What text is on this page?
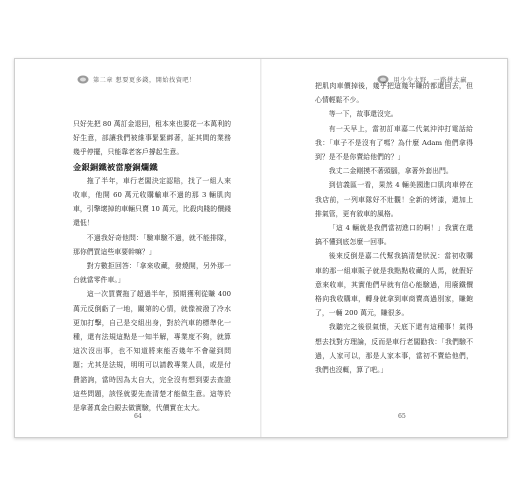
第二章 想要更多錢，開始找資吧！

只好先把 80 萬訂金退回，租本來也要花一本萬利的好生意，部讓我們被維事緊緊綁著，証其間的業務幾乎停擺，只能靠老客戶撐起生意。

金銀銅鐵被當廢銅爛鐵

拖了半年，車行老闆決定認賠，找了一組人來收車，他開 60 萬元收購輸車不過的那 3 輛肌肉車，引擎壞掉的車輛只賣 10 萬元，比殺肉賤的價錢還低！

不過我好奇他問：「驗車驗不過，就不能排隊，那你們買這些車要幹嘛？」

對方數拒回答：「拿來收藏，發燒開，另外那一台就當零件車。」

這一次買賣拖了超過半年，預期獲利從賺 400 萬元反倒虧了一地，關第的心情，就像被潑了冷水更加打擊，自己是交組出身，對於汽車的標準化一種，還有法規這點是一知半解，專業度不夠，就算這次沒出事，也不知道將來能否幾年不會碰到問題；尤其是法規，明明可以請教專業人員，或是付費諮詢，當時因為太自大，完全沒有想到要去查證這些問題，該怪就要先查清楚才能做生意。這等於是拿著真金白銀去做實驗，代價實在太大。

64
用少少太野，一路拼太贏

把肌肉車價掉後，幾乎把這幾年賺的都還回去，但心情輕鬆不少。

等一下，故事還沒完。

有一天早上，當初訂車嘉二代氣沖沖打電話給我：「車子不是沒有了嗎？為什麼 Adam 他們拿得到？是不是你賣給他們的？」

我丈二金剛摸不著頭腦，拿著外套出門。

到信義區一看，果然 4 輛美國進口肌肉車停在我店前，一列車隊好不壯觀！全新的烤漆，還加上排氣管，更有敘車的風格。

「這 4 輛就是我們當初進口的啊！」我實在還搞不懂到底怎麼一回事。

後來反倒是嘉二代幫我搞清楚狀況：當初收購車的那一組車販子就是我點點收藏的人馬，就假好意來收車，其實他們早就有信心能驗過，用廢鐵價格向我收購車，轉身就拿到車商賣高過別家，賺飽了，一輛 200 萬元，賺很多。

我聽完之後很氣憤，天底下還有這種事！氣得想去找對方理論，反而是車行老闆勸我：「我們驗不過，人家可以，那是人家本事，當初不賣給他們，我們也沒輒，算了吧。」

65
